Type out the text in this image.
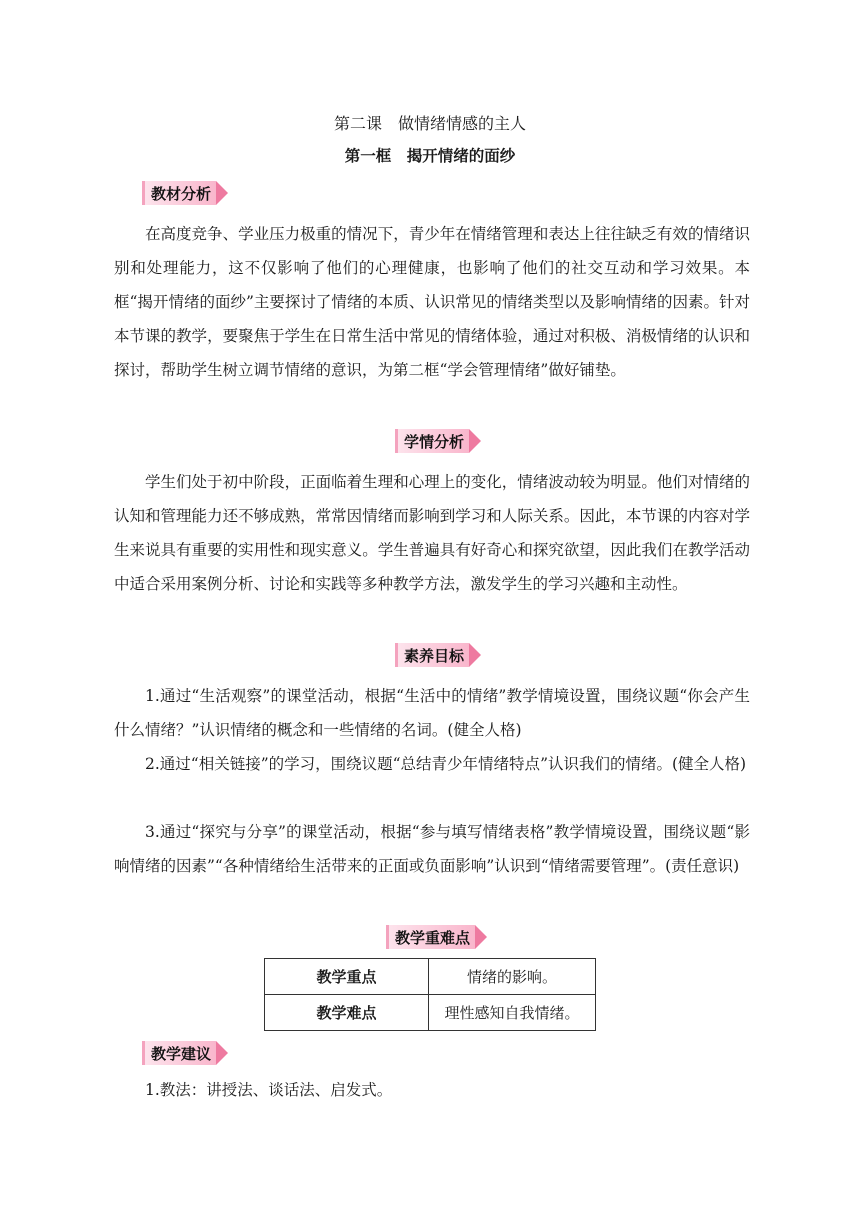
第二课　做情绪情感的主人
第一框　揭开情绪的面纱
教材分析

在高度竞争、学业压力极重的情况下，青少年在情绪管理和表达上往往缺乏有效的情绪识别和处理能力，这不仅影响了他们的心理健康，也影响了他们的社交互动和学习效果。本框“揭开情绪的面纱”主要探讨了情绪的本质、认识常见的情绪类型以及影响情绪的因素。针对本节课的教学，要聚焦于学生在日常生活中常见的情绪体验，通过对积极、消极情绪的认识和探讨，帮助学生树立调节情绪的意识，为第二框“学会管理情绪”做好铺垫。

学情分析

学生们处于初中阶段，正面临着生理和心理上的变化，情绪波动较为明显。他们对情绪的认知和管理能力还不够成熟，常常因情绪而影响到学习和人际关系。因此，本节课的内容对学生来说具有重要的实用性和现实意义。学生普遍具有好奇心和探究欲望，因此我们在教学活动中适合采用案例分析、讨论和实践等多种教学方法，激发学生的学习兴趣和主动性。

素养目标

1.通过“生活观察”的课堂活动，根据“生活中的情绪”教学情境设置，围绕议题“你会产生什么情绪？”认识情绪的概念和一些情绪的名词。(健全人格)

2.通过“相关链接”的学习，围绕议题“总结青少年情绪特点”认识我们的情绪。(健全人格)

3.通过“探究与分享”的课堂活动，根据“参与填写情绪表格”教学情境设置，围绕议题“影响情绪的因素”“各种情绪给生活带来的正面或负面影响”认识到“情绪需要管理”。(责任意识)

教学重难点
教学重点	情绪的影响。
教学难点	理性感知自我情绪。
教学建议

1.教法：讲授法、谈话法、启发式。
